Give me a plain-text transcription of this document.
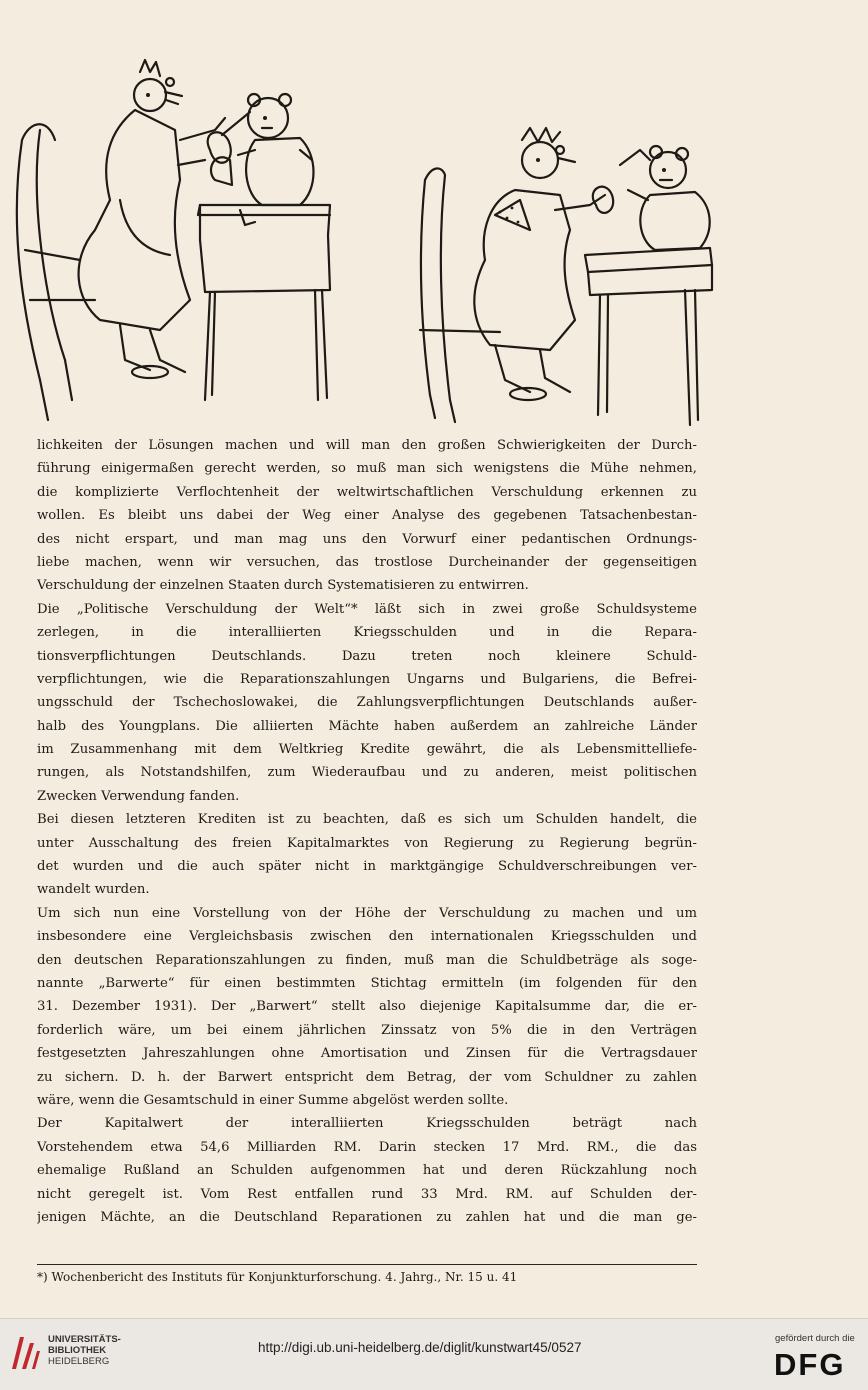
lichkeiten der Lösungen machen und will man den großen Schwierigkeiten der Durch-
führung einigermaßen gerecht werden, so muß man sich wenigstens die Mühe nehmen,
die komplizierte Verflochtenheit der weltwirtschaftlichen Verschuldung erkennen zu
wollen. Es bleibt uns dabei der Weg einer Analyse des gegebenen Tatsachenbestan-
des nicht erspart, und man mag uns den Vorwurf einer pedantischen Ordnungs-
liebe machen, wenn wir versuchen, das trostlose Durcheinander der gegenseitigen
Verschuldung der einzelnen Staaten durch Systematisieren zu entwirren.
Die „Politische Verschuldung der Welt“* läßt sich in zwei große Schuldsysteme
zerlegen, in die interalliierten Kriegsschulden und in die Repara-
tionsverpflichtungen Deutschlands. Dazu treten noch kleinere Schuld-
verpflichtungen, wie die Reparationszahlungen Ungarns und Bulgariens, die Befrei-
ungsschuld der Tschechoslowakei, die Zahlungsverpflichtungen Deutschlands außer-
halb des Youngplans. Die alliierten Mächte haben außerdem an zahlreiche Länder
im Zusammenhang mit dem Weltkrieg Kredite gewährt, die als Lebensmittelliefe-
rungen, als Notstandshilfen, zum Wiederaufbau und zu anderen, meist politischen
Zwecken Verwendung fanden.
Bei diesen letzteren Krediten ist zu beachten, daß es sich um Schulden handelt, die
unter Ausschaltung des freien Kapitalmarktes von Regierung zu Regierung begrün-
det wurden und die auch später nicht in marktgängige Schuldverschreibungen ver-
wandelt wurden.
Um sich nun eine Vorstellung von der Höhe der Verschuldung zu machen und um
insbesondere eine Vergleichsbasis zwischen den internationalen Kriegsschulden und
den deutschen Reparationszahlungen zu finden, muß man die Schuldbeträge als soge-
nannte „Barwerte“ für einen bestimmten Stichtag ermitteln (im folgenden für den
31. Dezember 1931). Der „Barwert“ stellt also diejenige Kapitalsumme dar, die er-
forderlich wäre, um bei einem jährlichen Zinssatz von 5% die in den Verträgen
festgesetzten Jahreszahlungen ohne Amortisation und Zinsen für die Vertragsdauer
zu sichern. D. h. der Barwert entspricht dem Betrag, der vom Schuldner zu zahlen
wäre, wenn die Gesamtschuld in einer Summe abgelöst werden sollte.
Der Kapitalwert der interalliierten Kriegsschulden beträgt nach
Vorstehendem etwa 54,6 Milliarden RM. Darin stecken 17 Mrd. RM., die das
ehemalige Rußland an Schulden aufgenommen hat und deren Rückzahlung noch
nicht geregelt ist. Vom Rest entfallen rund 33 Mrd. RM. auf Schulden der-
jenigen Mächte, an die Deutschland Reparationen zu zahlen hat und die man ge-
*) Wochenbericht des Instituts für Konjunkturforschung. 4. Jahrg., Nr. 15 u. 41
UNIVERSITÄTS-
BIBLIOTHEK
HEIDELBERG
http://digi.ub.uni-heidelberg.de/diglit/kunstwart45/0527
gefördert durch die
DFG
